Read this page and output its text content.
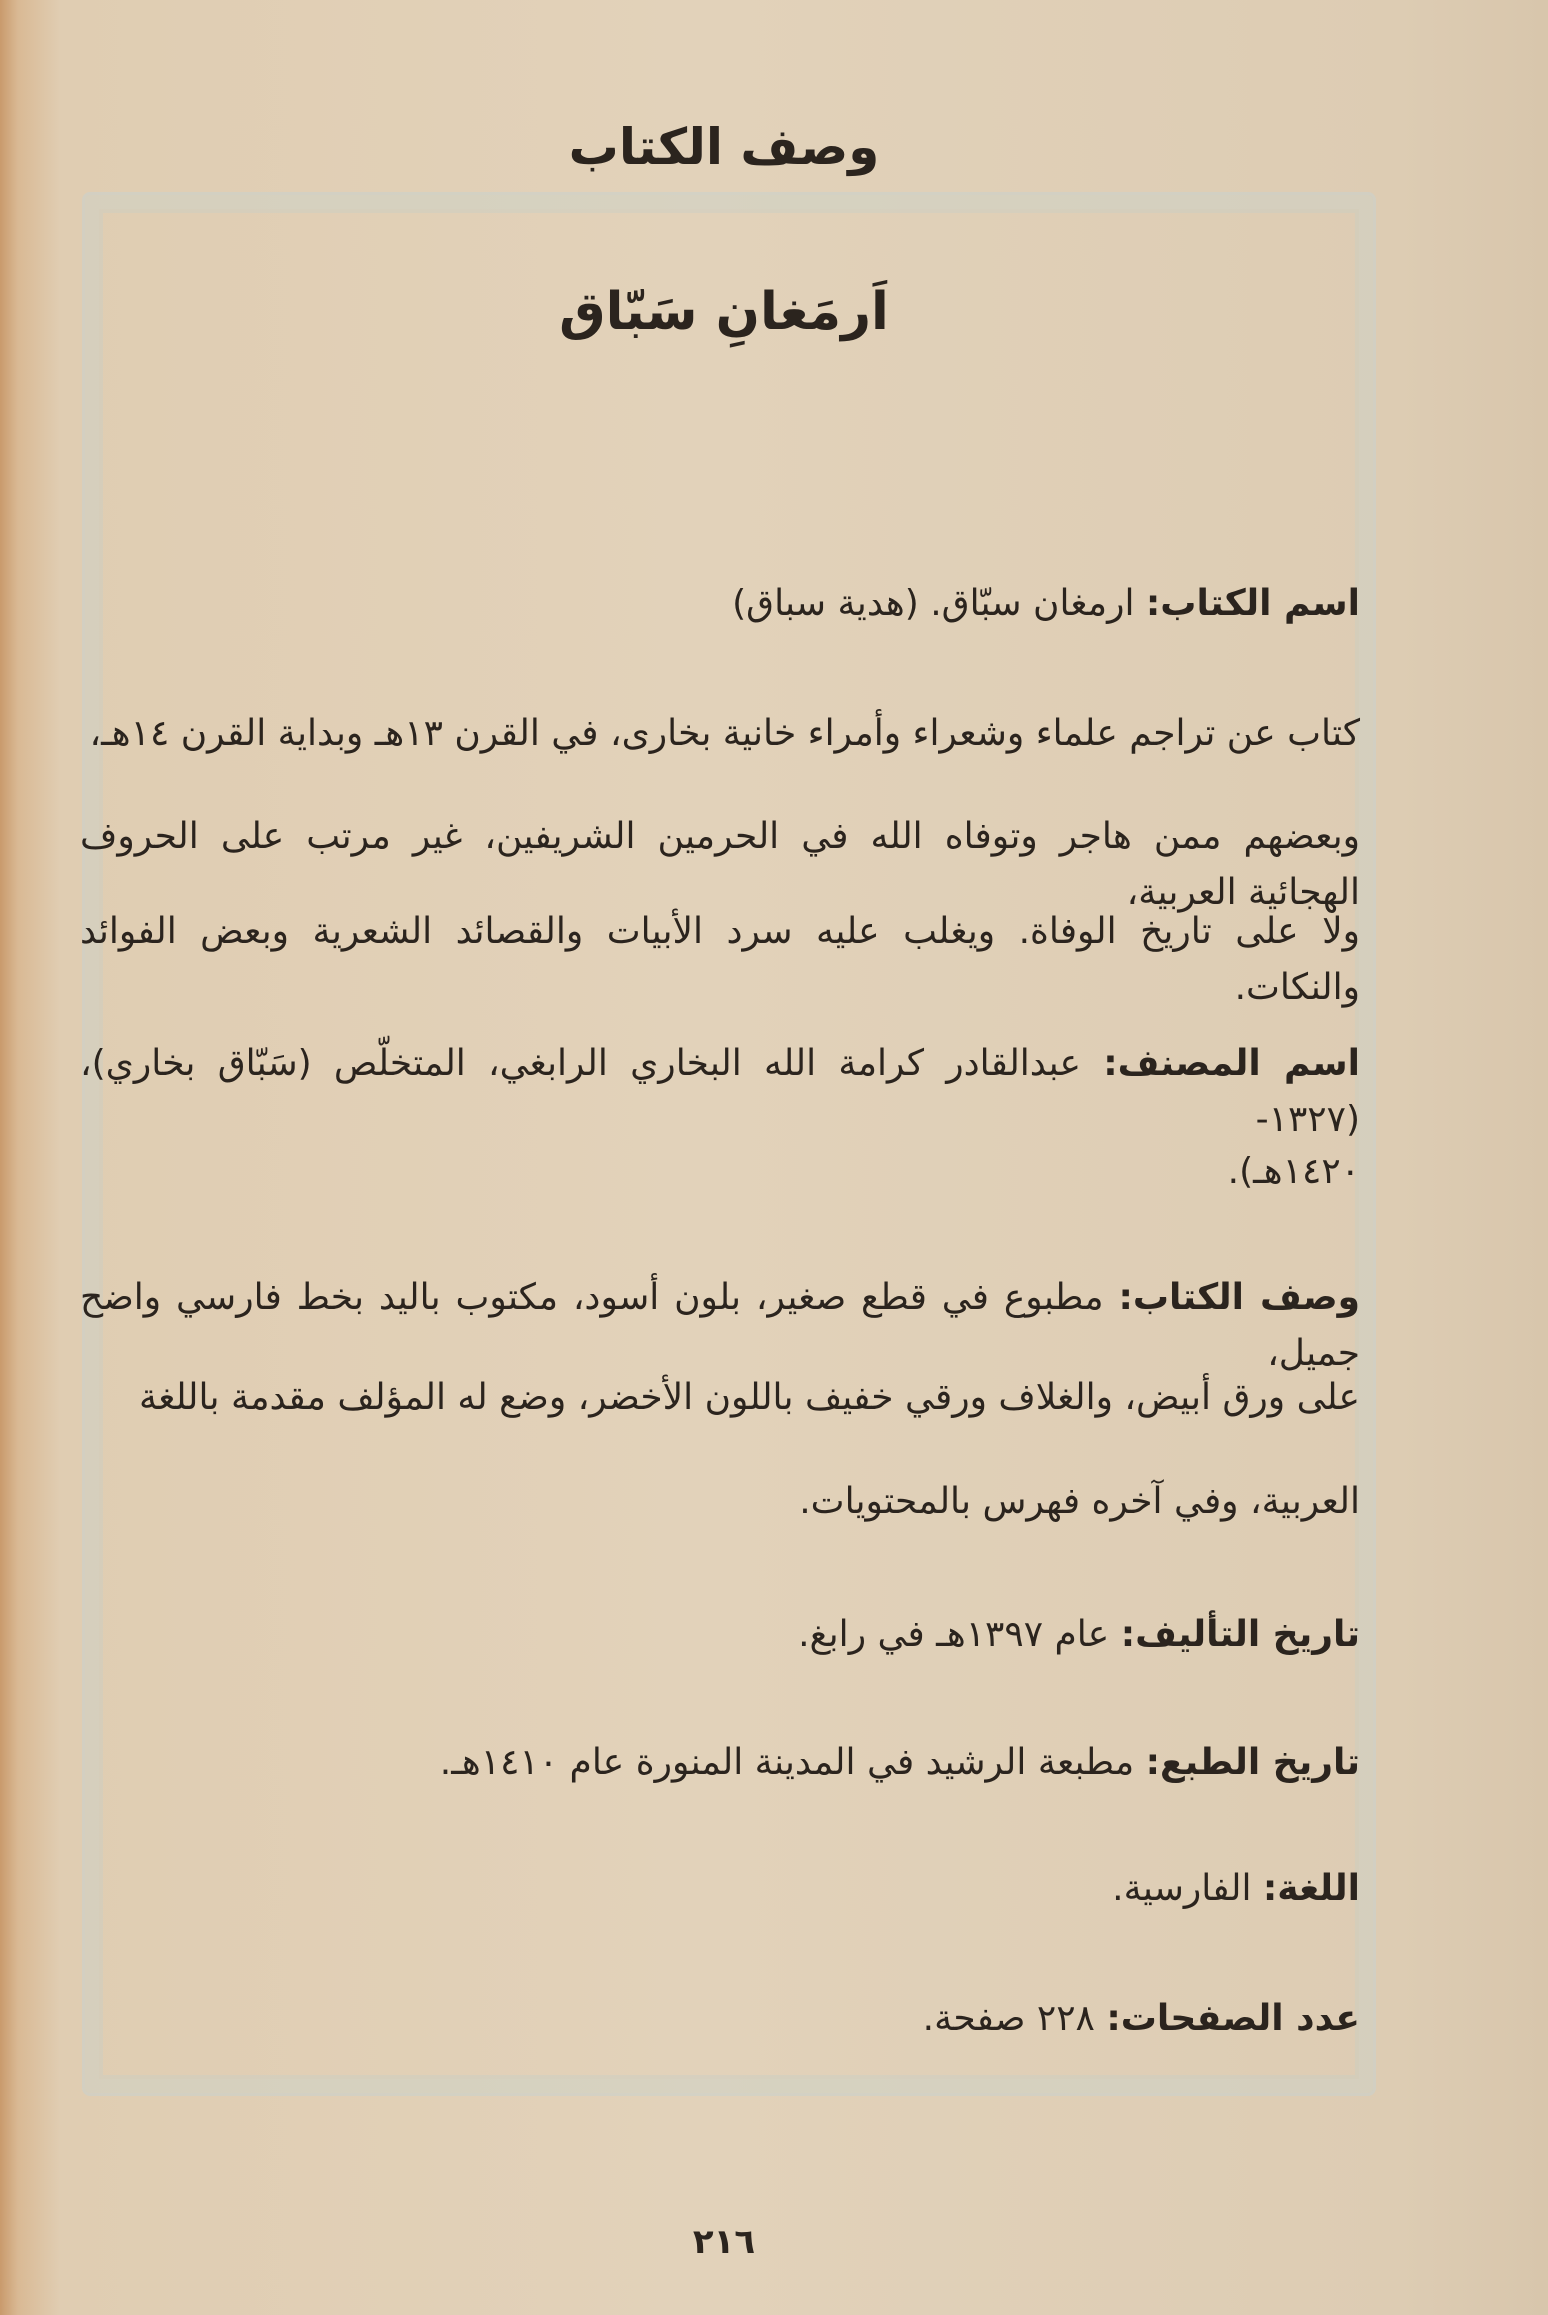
وصف الكتاب
اَرمَغانِ سَبّاق
اسم الكتاب: ارمغان سبّاق. (هدية سباق)
كتاب عن تراجم علماء وشعراء وأمراء خانية بخارى، في القرن ١٣هـ وبداية القرن ١٤هـ،
وبعضهم ممن هاجر وتوفاه الله في الحرمين الشريفين، غير مرتب على الحروف الهجائية العربية،
ولا على تاريخ الوفاة. ويغلب عليه سرد الأبيات والقصائد الشعرية وبعض الفوائد والنكات.
اسم المصنف: عبدالقادر كرامة الله البخاري الرابغي، المتخلّص (سَبّاق بخاري)، (١٣٢٧-
١٤٢٠هـ).
وصف الكتاب: مطبوع في قطع صغير، بلون أسود، مكتوب باليد بخط فارسي واضح جميل،
على ورق أبيض، والغلاف ورقي خفيف باللون الأخضر، وضع له المؤلف مقدمة باللغة
العربية، وفي آخره فهرس بالمحتويات.
تاريخ التأليف: عام ١٣٩٧هـ في رابغ.
تاريخ الطبع: مطبعة الرشيد في المدينة المنورة عام ١٤١٠هـ.
اللغة: الفارسية.
عدد الصفحات: ٢٢٨ صفحة.
٢١٦
